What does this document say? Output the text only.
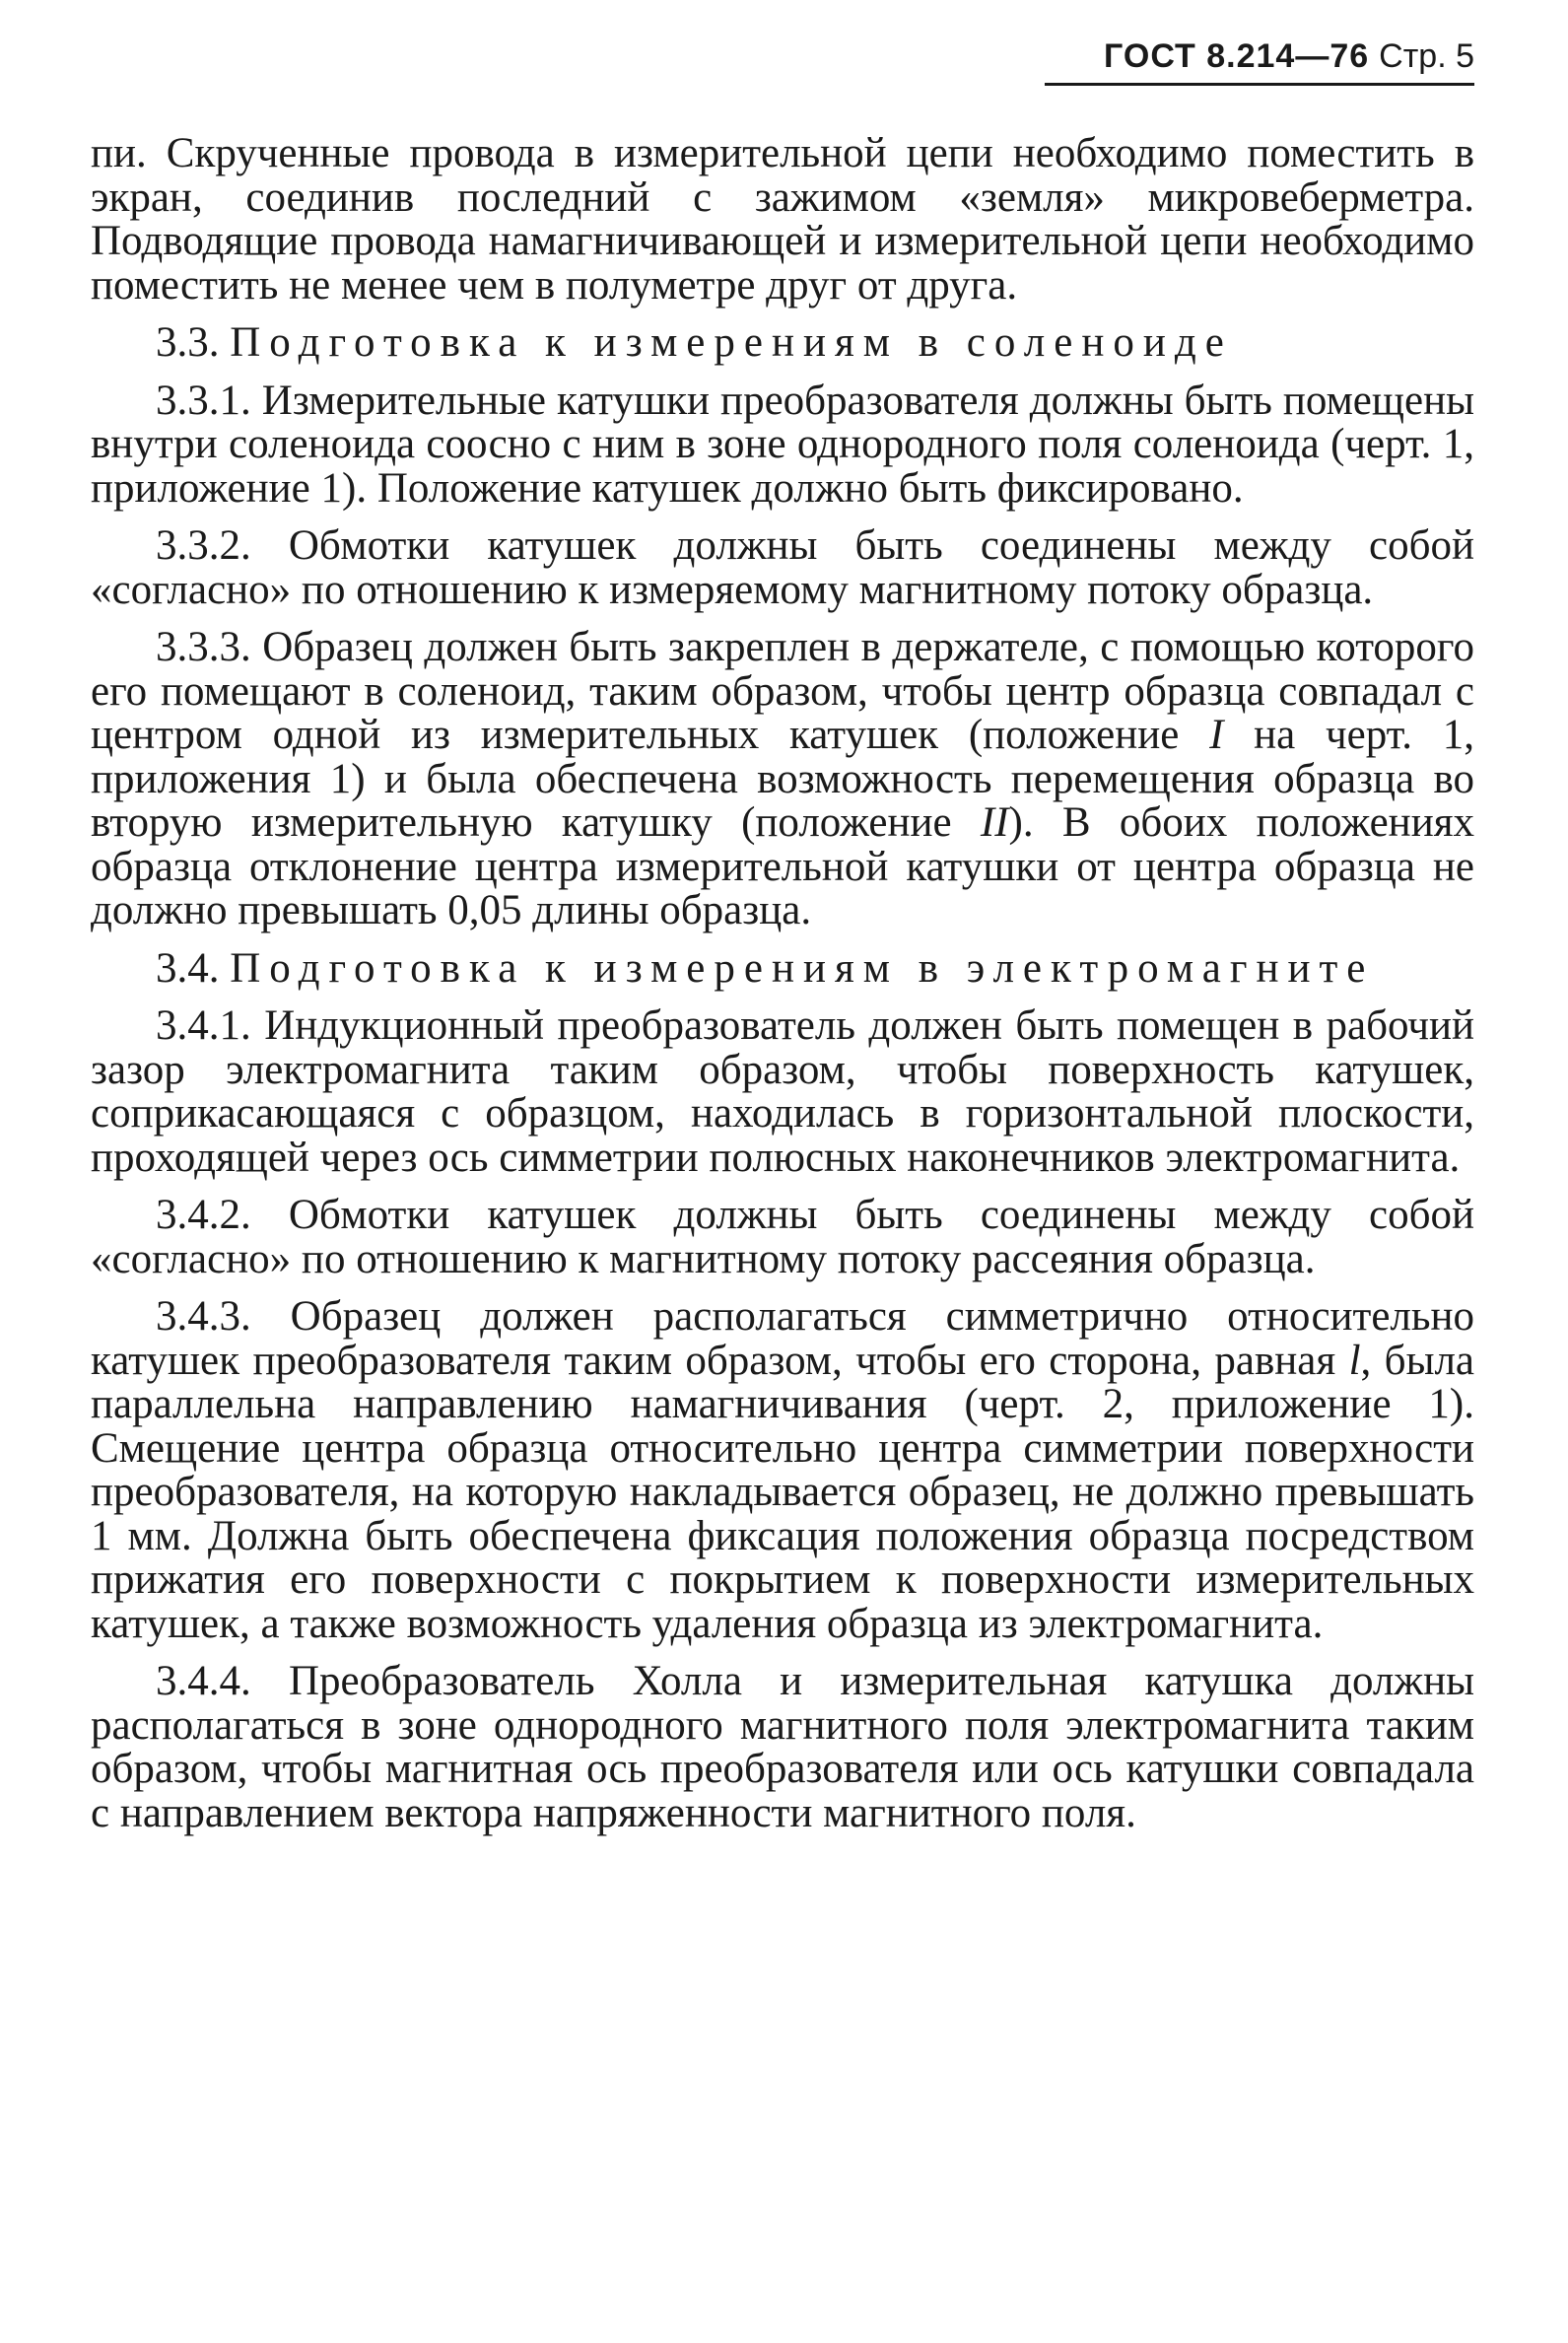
ГОСТ 8.214—76 Стр. 5

пи. Скрученные провода в измерительной цепи необходимо поместить в экран, соединив последний с зажимом «земля» микровеберметра. Подводящие провода намагничивающей и измерительной цепи необходимо поместить не менее чем в полуметре друг от друга.

3.3. Подготовка к измерениям в соленоиде

3.3.1. Измерительные катушки преобразователя должны быть помещены внутри соленоида соосно с ним в зоне однородного поля соленоида (черт. 1, приложение 1). Положение катушек должно быть фиксировано.

3.3.2. Обмотки катушек должны быть соединены между собой «согласно» по отношению к измеряемому магнитному потоку образца.

3.3.3. Образец должен быть закреплен в держателе, с помощью которого его помещают в соленоид, таким образом, чтобы центр образца совпадал с центром одной из измерительных катушек (положение I на черт. 1, приложения 1) и была обеспечена возможность перемещения образца во вторую измерительную катушку (положение II). В обоих положениях образца отклонение центра измерительной катушки от центра образца не должно превышать 0,05 длины образца.

3.4. Подготовка к измерениям в электромагните

3.4.1. Индукционный преобразователь должен быть помещен в рабочий зазор электромагнита таким образом, чтобы поверхность катушек, соприкасающаяся с образцом, находилась в горизонтальной плоскости, проходящей через ось симметрии полюсных наконечников электромагнита.

3.4.2. Обмотки катушек должны быть соединены между собой «согласно» по отношению к магнитному потоку рассеяния образца.

3.4.3. Образец должен располагаться симметрично относительно катушек преобразователя таким образом, чтобы его сторона, равная l, была параллельна направлению намагничивания (черт. 2, приложение 1). Смещение центра образца относительно центра симметрии поверхности преобразователя, на которую накладывается образец, не должно превышать 1 мм. Должна быть обеспечена фиксация положения образца посредством прижатия его поверхности с покрытием к поверхности измерительных катушек, а также возможность удаления образца из электромагнита.

3.4.4. Преобразователь Холла и измерительная катушка должны располагаться в зоне однородного магнитного поля электромагнита таким образом, чтобы магнитная ось преобразователя или ось катушки совпадала с направлением вектора напряженности магнитного поля.
